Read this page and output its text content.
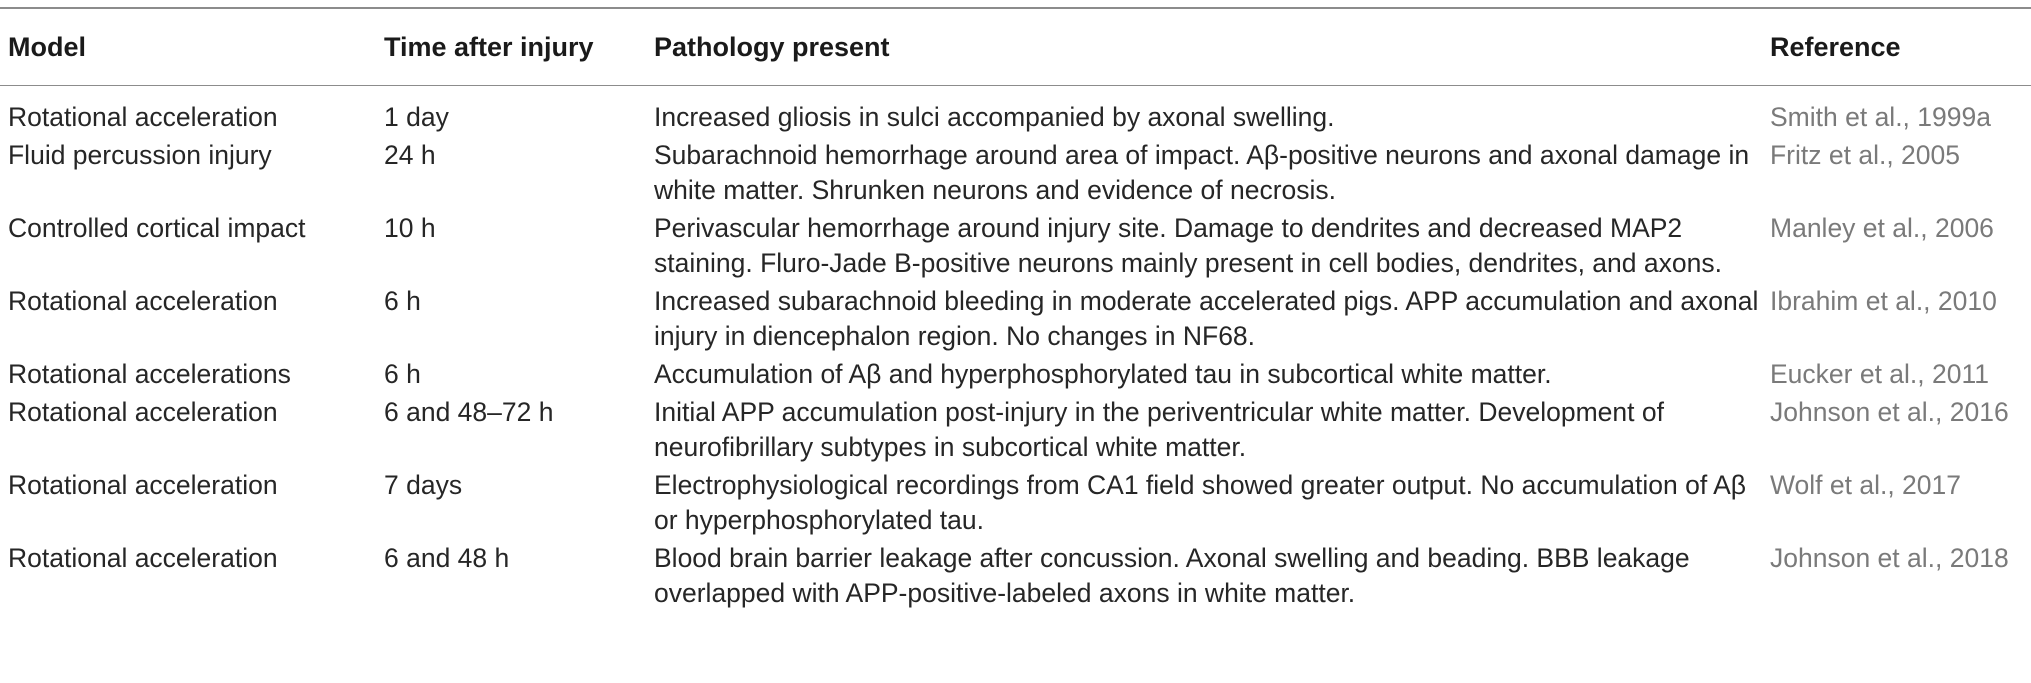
Model	Time after injury	Pathology present	Reference
Rotational acceleration	1 day	Increased gliosis in sulci accompanied by axonal swelling.	Smith et al., 1999a
Fluid percussion injury	24 h	Subarachnoid hemorrhage around area of impact. Aβ-positive neurons and axonal damage in white matter. Shrunken neurons and evidence of necrosis.	Fritz et al., 2005
Controlled cortical impact	10 h	Perivascular hemorrhage around injury site. Damage to dendrites and decreased MAP2 staining. Fluro-Jade B-positive neurons mainly present in cell bodies, dendrites, and axons.	Manley et al., 2006
Rotational acceleration	6 h	Increased subarachnoid bleeding in moderate accelerated pigs. APP accumulation and axonal injury in diencephalon region. No changes in NF68.	Ibrahim et al., 2010
Rotational accelerations	6 h	Accumulation of Aβ and hyperphosphorylated tau in subcortical white matter.	Eucker et al., 2011
Rotational acceleration	6 and 48–72 h	Initial APP accumulation post-injury in the periventricular white matter. Development of neurofibrillary subtypes in subcortical white matter.	Johnson et al., 2016
Rotational acceleration	7 days	Electrophysiological recordings from CA1 field showed greater output. No accumulation of Aβ or hyperphosphorylated tau.	Wolf et al., 2017
Rotational acceleration	6 and 48 h	Blood brain barrier leakage after concussion. Axonal swelling and beading. BBB leakage overlapped with APP-positive-labeled axons in white matter.	Johnson et al., 2018
